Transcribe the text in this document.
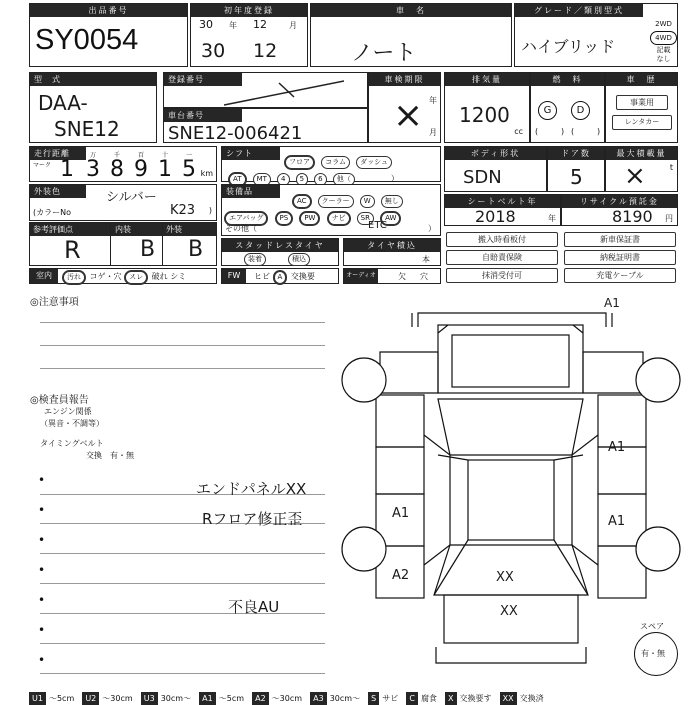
出品番号
SY0054
初年度登録
30 年 12	月
30 12
車　名
ノート
グレード／類別型式
ハイブリッド
2WD
4WD
記載なし
型　式
DAA-
SNE12
登録番号	車検期限
× 年
月
車台番号
SNE12-006421
排気量
1200
cc
燃　料
G	D
(	) (	)
車　歴
事業用
レンタカー
走行距離
マーク
万	千	百	十	一
1 3 8 9 1 5 km
シフト
フロア コラム ダッシュ
AT MT 4 5 6 他（	）
ボディ形状
SDN
ドア数
5
最大積載量
×	t
外装色	シルバー
(カラーNo	K23 )
装備品
AC クーラー W 無し
エアバッグ PS PW ナビ SR AW
その他（	ETC	）
シートベルト年
2018	年
リサイクル預託金
8190 円
参考評価点	内装	外装
R	B B	スタッドレスタイヤ
装着	積込
タイヤ積込
本
搬入時看板付	新車保証書
自賠責保険	納税証明書
抹消受付可	充電ケーブル
室内	汚れ コゲ・穴 スレ 破れ シミ	FW	ヒビ A 交換要	オーディオ	欠 穴
◎注意事項
◎検査員報告
エンジン関係
（異音・不調等）
タイミングベルト
交換　有・無
•
•
•
•
•
•
•
エンドパネルXX
Rフロア修正歪
不良AU
A1
A1
A1
A1
A2	XX
XX
スペア
有・無
U1 〜5cm U2 〜30cm U3 30cm〜 A1 〜5cm A2 〜30cm A3 30cm〜 S サビ C 腐食 X 交換要す XX 交換済
